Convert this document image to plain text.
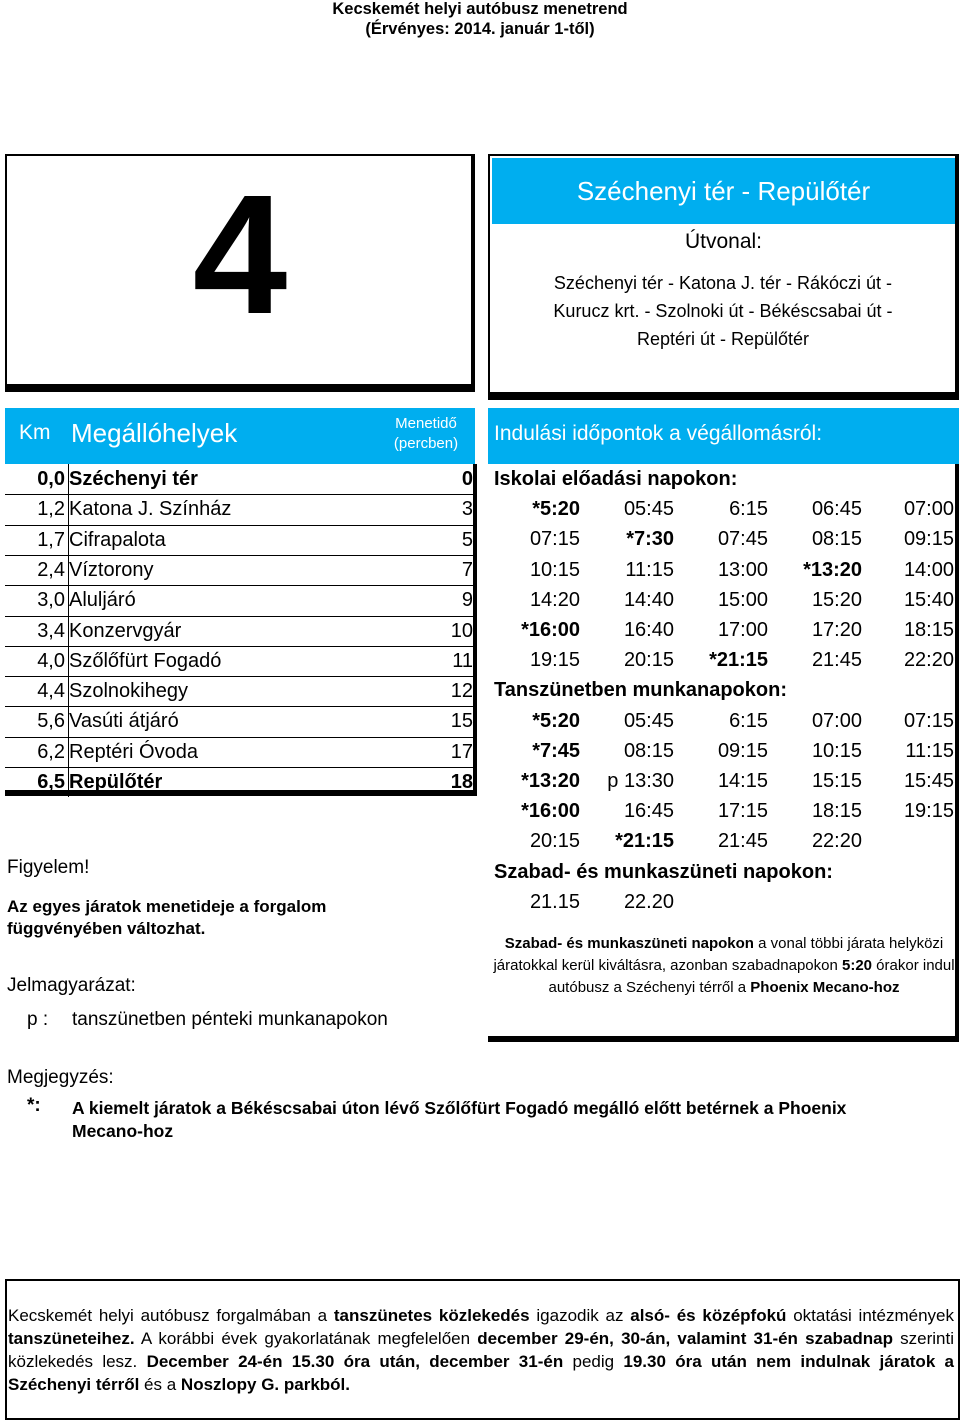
Kecskemét helyi autóbusz menetrend
(Érvényes: 2014. január 1-től)
4	Széchenyi tér - Repülőtér
Útvonal:
Széchenyi tér - Katona J. tér - Rákóczi út -
Kurucz krt. - Szolnoki út - Békéscsabai út -
Reptéri út - Repülőtér
Km Megállóhelyek	Menetidő
(percben)	Indulási időpontok a végállomásról:
0,0 Széchenyi tér	0
1,2 Katona J. Színház	3
1,7 Cifrapalota	5
2,4 Víztorony	7
3,0 Aluljáró	9
3,4 Konzervgyár	10
4,0 Szőlőfürt Fogadó	11
4,4 Szolnokihegy	12
5,6 Vasúti átjáró	15
6,2 Reptéri Óvoda	17
6,5 Repülőtér	18
Iskolai előadási napokon:
*5:20 05:45	6:15 06:45 07:00
07:15 *7:30 07:45 08:15 09:15
10:15 11:15 13:00 *13:20 14:00
14:20 14:40 15:00 15:20 15:40
*16:00 16:40 17:00 17:20 18:15
19:15 20:15 *21:15 21:45 22:20
Tanszünetben munkanapokon:
*5:20 05:45	6:15 07:00 07:15
*7:45 08:15 09:15 10:15 11:15
*13:20 p 13:30 14:15 15:15 15:45
*16:00 16:45 17:15 18:15 19:15
20:15 *21:15 21:45 22:20
Szabad- és munkaszüneti napokon:
21.15 22.20
Szabad- és munkaszüneti napokon a vonal többi járata helyközi járatokkal kerül kiváltásra, azonban szabadnapokon 5:20 órakor indul autóbusz a Széchenyi térről a Phoenix Mecano-hoz
Figyelem!
Az egyes járatok menetideje a forgalom függvényében változhat.
Jelmagyarázat:
p : tanszünetben pénteki munkanapokon
Megjegyzés:
*: A kiemelt járatok a Békéscsabai úton lévő Szőlőfürt Fogadó megálló előtt betérnek a Phoenix Mecano-hoz
Kecskemét helyi autóbusz forgalmában a tanszünetes közlekedés igazodik az alsó- és középfokú oktatási intézmények tanszüneteihez. A korábbi évek gyakorlatának megfelelően december 29-én, 30-án, valamint 31-én szabadnap szerinti közlekedés lesz. December 24-én 15.30 óra után, december 31-én pedig 19.30 óra után nem indulnak járatok a Széchenyi térről és a Noszlopy G. parkból.
